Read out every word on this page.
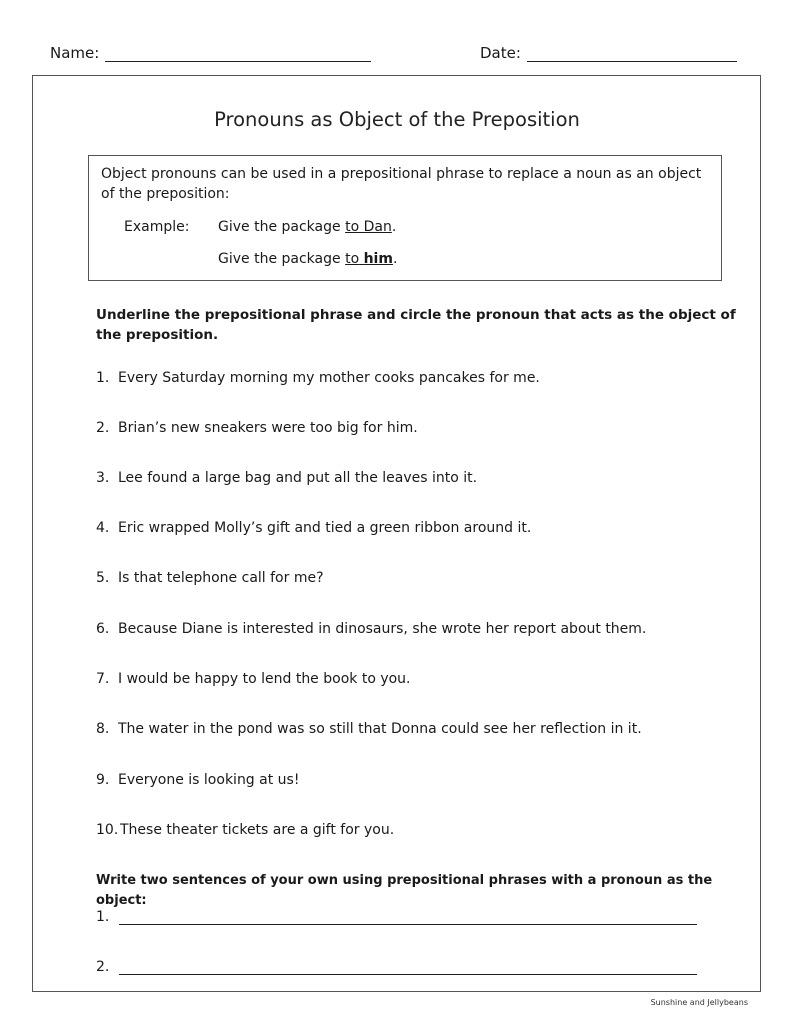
Name:	Date:
Pronouns as Object of the Preposition
Object pronouns can be used in a prepositional phrase to replace a noun as an object of the preposition:
Example: Give the package to Dan.
Give the package to him.
Underline the prepositional phrase and circle the pronoun that acts as the object of the preposition.
1. Every Saturday morning my mother cooks pancakes for me.
2. Brian’s new sneakers were too big for him.
3. Lee found a large bag and put all the leaves into it.
4. Eric wrapped Molly’s gift and tied a green ribbon around it.
5. Is that telephone call for me?
6. Because Diane is interested in dinosaurs, she wrote her report about them.
7. I would be happy to lend the book to you.
8. The water in the pond was so still that Donna could see her reflection in it.
9. Everyone is looking at us!
10. These theater tickets are a gift for you.
Write two sentences of your own using prepositional phrases with a pronoun as the object:
1.
2.
Sunshine and Jellybeans
